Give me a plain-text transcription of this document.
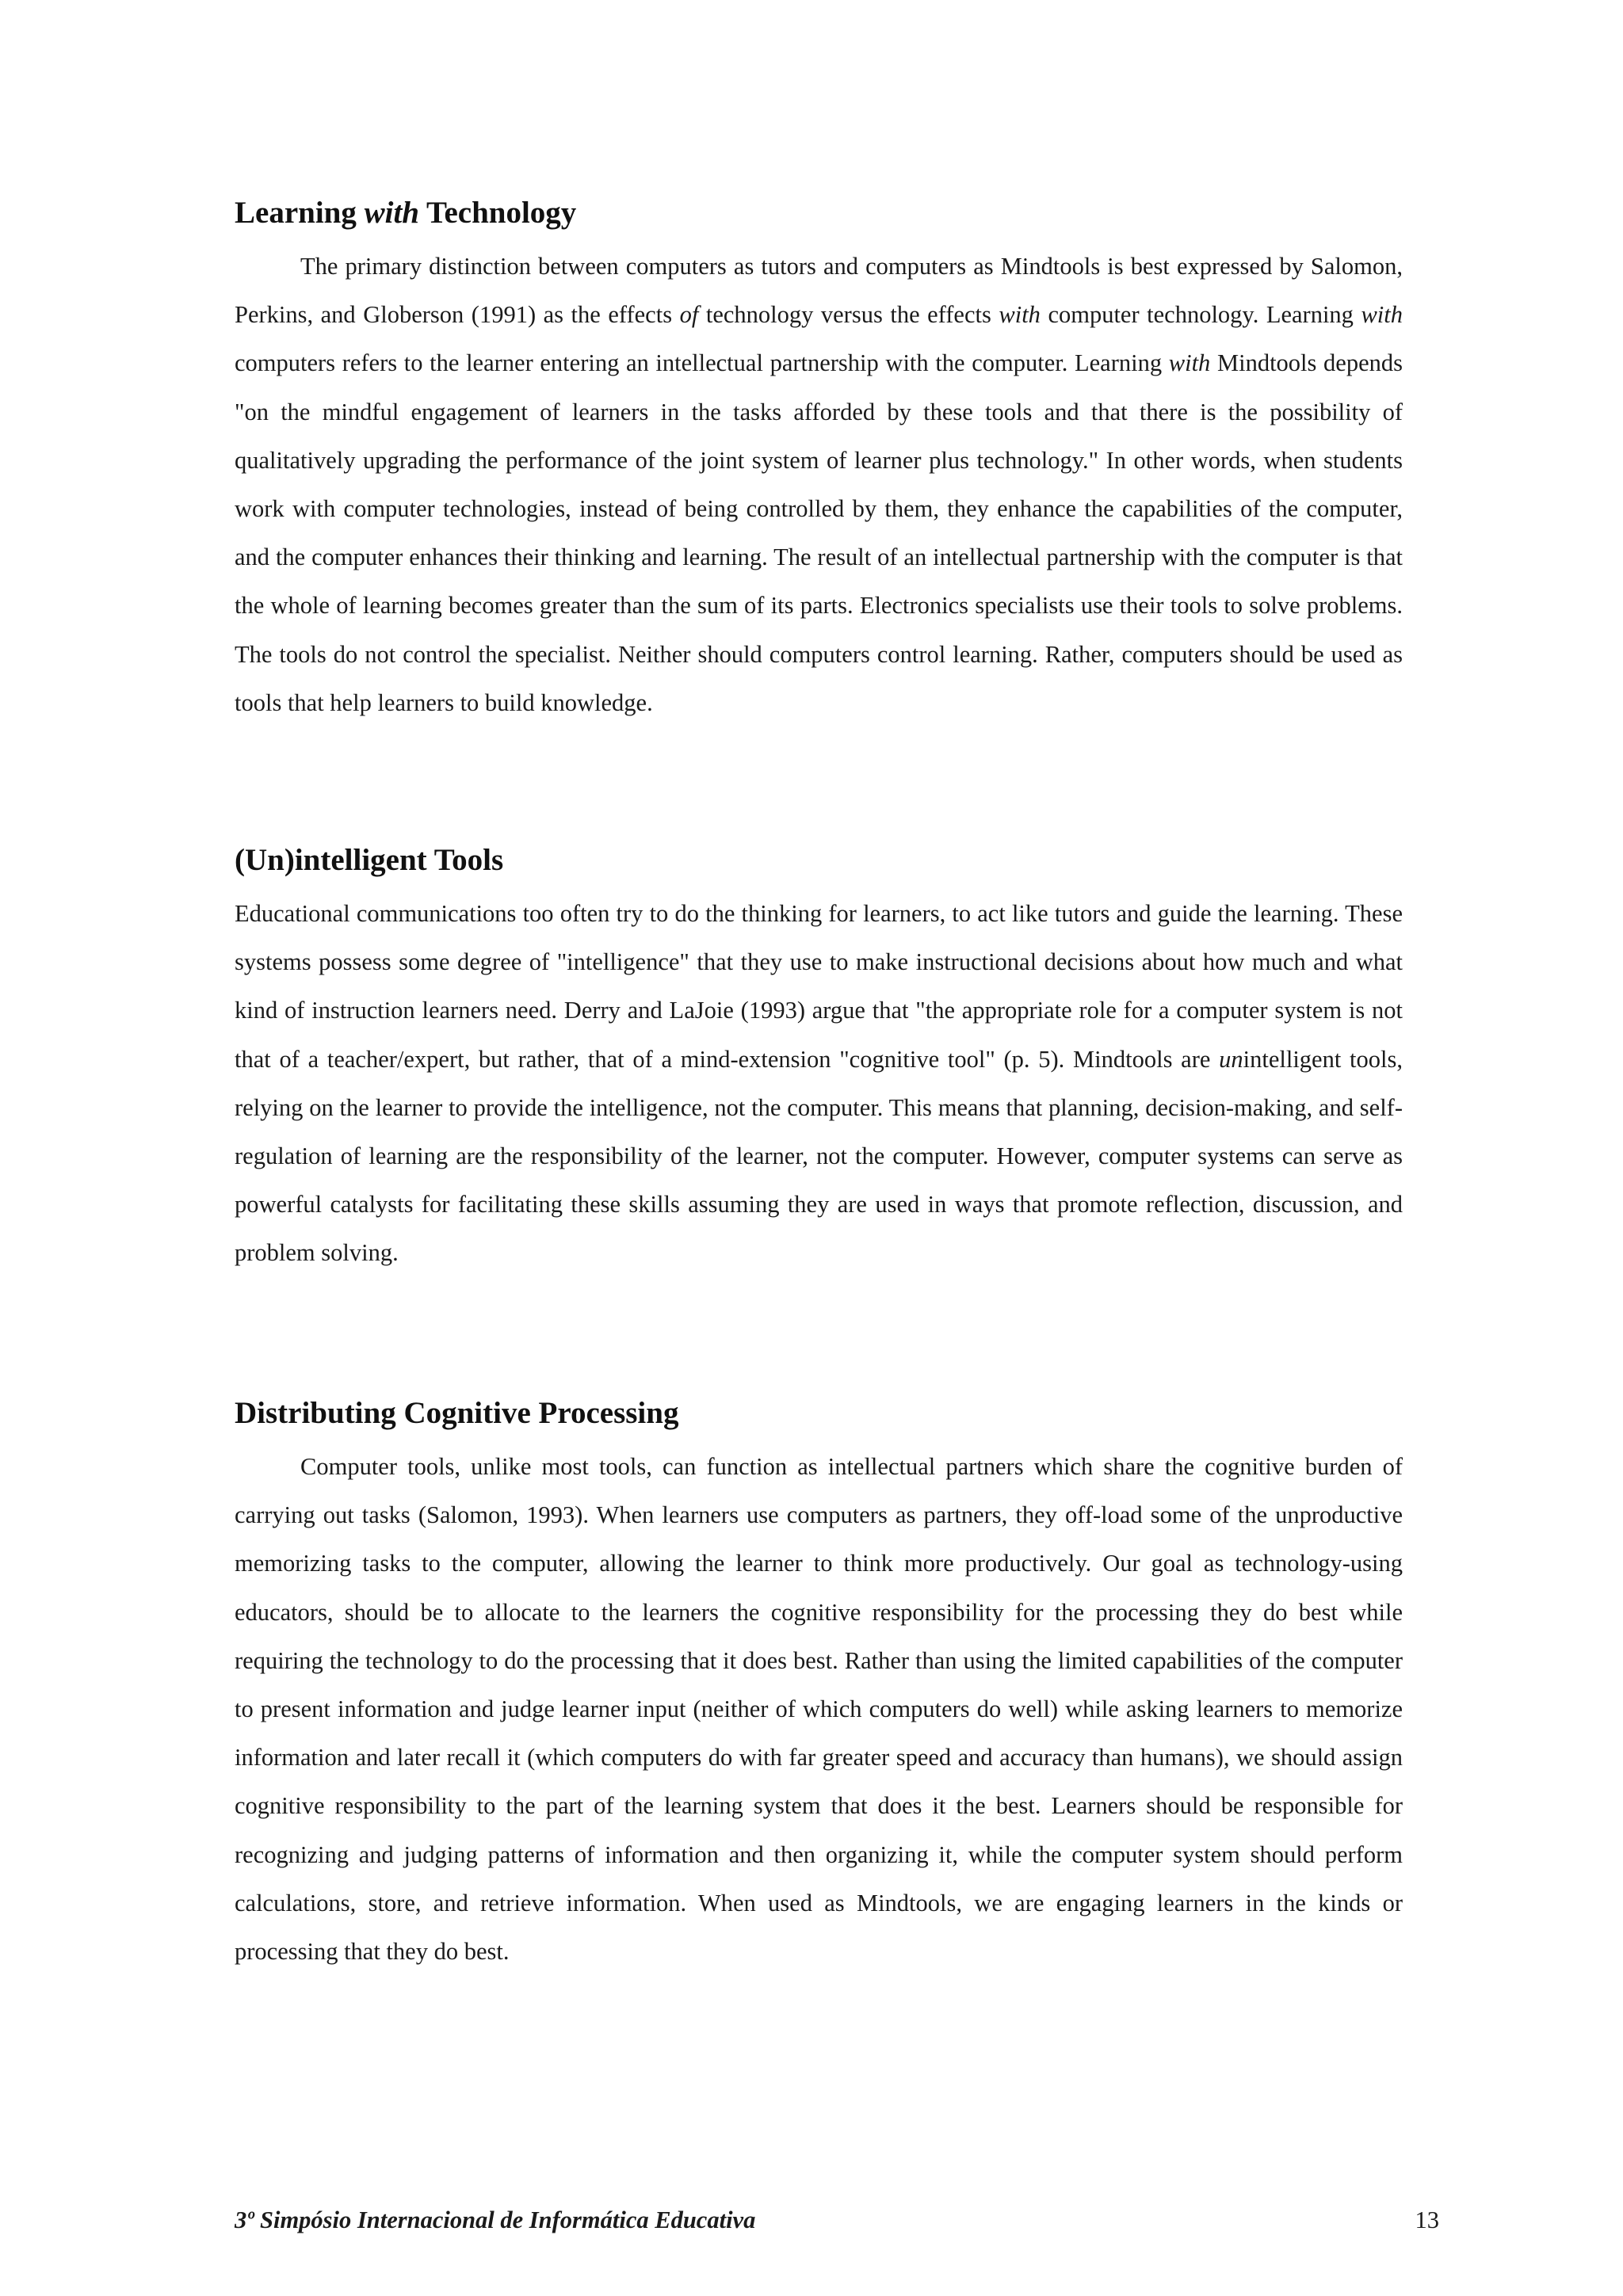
Learning with Technology

The primary distinction between computers as tutors and computers as Mindtools is best expressed by Salomon, Perkins, and Globerson (1991) as the effects of technology versus the effects with computer technology. Learning with computers refers to the learner entering an intellectual partnership with the computer. Learning with Mindtools depends "on the mindful engagement of learners in the tasks afforded by these tools and that there is the possibility of qualitatively upgrading the performance of the joint system of learner plus technology." In other words, when students work with computer technologies, instead of being controlled by them, they enhance the capabilities of the computer, and the computer enhances their thinking and learning. The result of an intellectual partnership with the computer is that the whole of learning becomes greater than the sum of its parts. Electronics specialists use their tools to solve problems. The tools do not control the specialist. Neither should computers control learning. Rather, computers should be used as tools that help learners to build knowledge.

(Un)intelligent Tools

Educational communications too often try to do the thinking for learners, to act like tutors and guide the learning. These systems possess some degree of "intelligence" that they use to make instructional decisions about how much and what kind of instruction learners need. Derry and LaJoie (1993) argue that "the appropriate role for a computer system is not that of a teacher/expert, but rather, that of a mind-extension "cognitive tool" (p. 5). Mindtools are unintelligent tools, relying on the learner to provide the intelligence, not the computer. This means that planning, decision-making, and self-regulation of learning are the responsibility of the learner, not the computer. However, computer systems can serve as powerful catalysts for facilitating these skills assuming they are used in ways that promote reflection, discussion, and problem solving.

Distributing Cognitive Processing

Computer tools, unlike most tools, can function as intellectual partners which share the cognitive burden of carrying out tasks (Salomon, 1993). When learners use computers as partners, they off-load some of the unproductive memorizing tasks to the computer, allowing the learner to think more productively. Our goal as technology-using educators, should be to allocate to the learners the cognitive responsibility for the processing they do best while requiring the technology to do the processing that it does best. Rather than using the limited capabilities of the computer to present information and judge learner input (neither of which computers do well) while asking learners to memorize information and later recall it (which computers do with far greater speed and accuracy than humans), we should assign cognitive responsibility to the part of the learning system that does it the best. Learners should be responsible for recognizing and judging patterns of information and then organizing it, while the computer system should perform calculations, store, and retrieve information. When used as Mindtools, we are engaging learners in the kinds or processing that they do best.

3º Simpósio Internacional de Informática Educativa	13
